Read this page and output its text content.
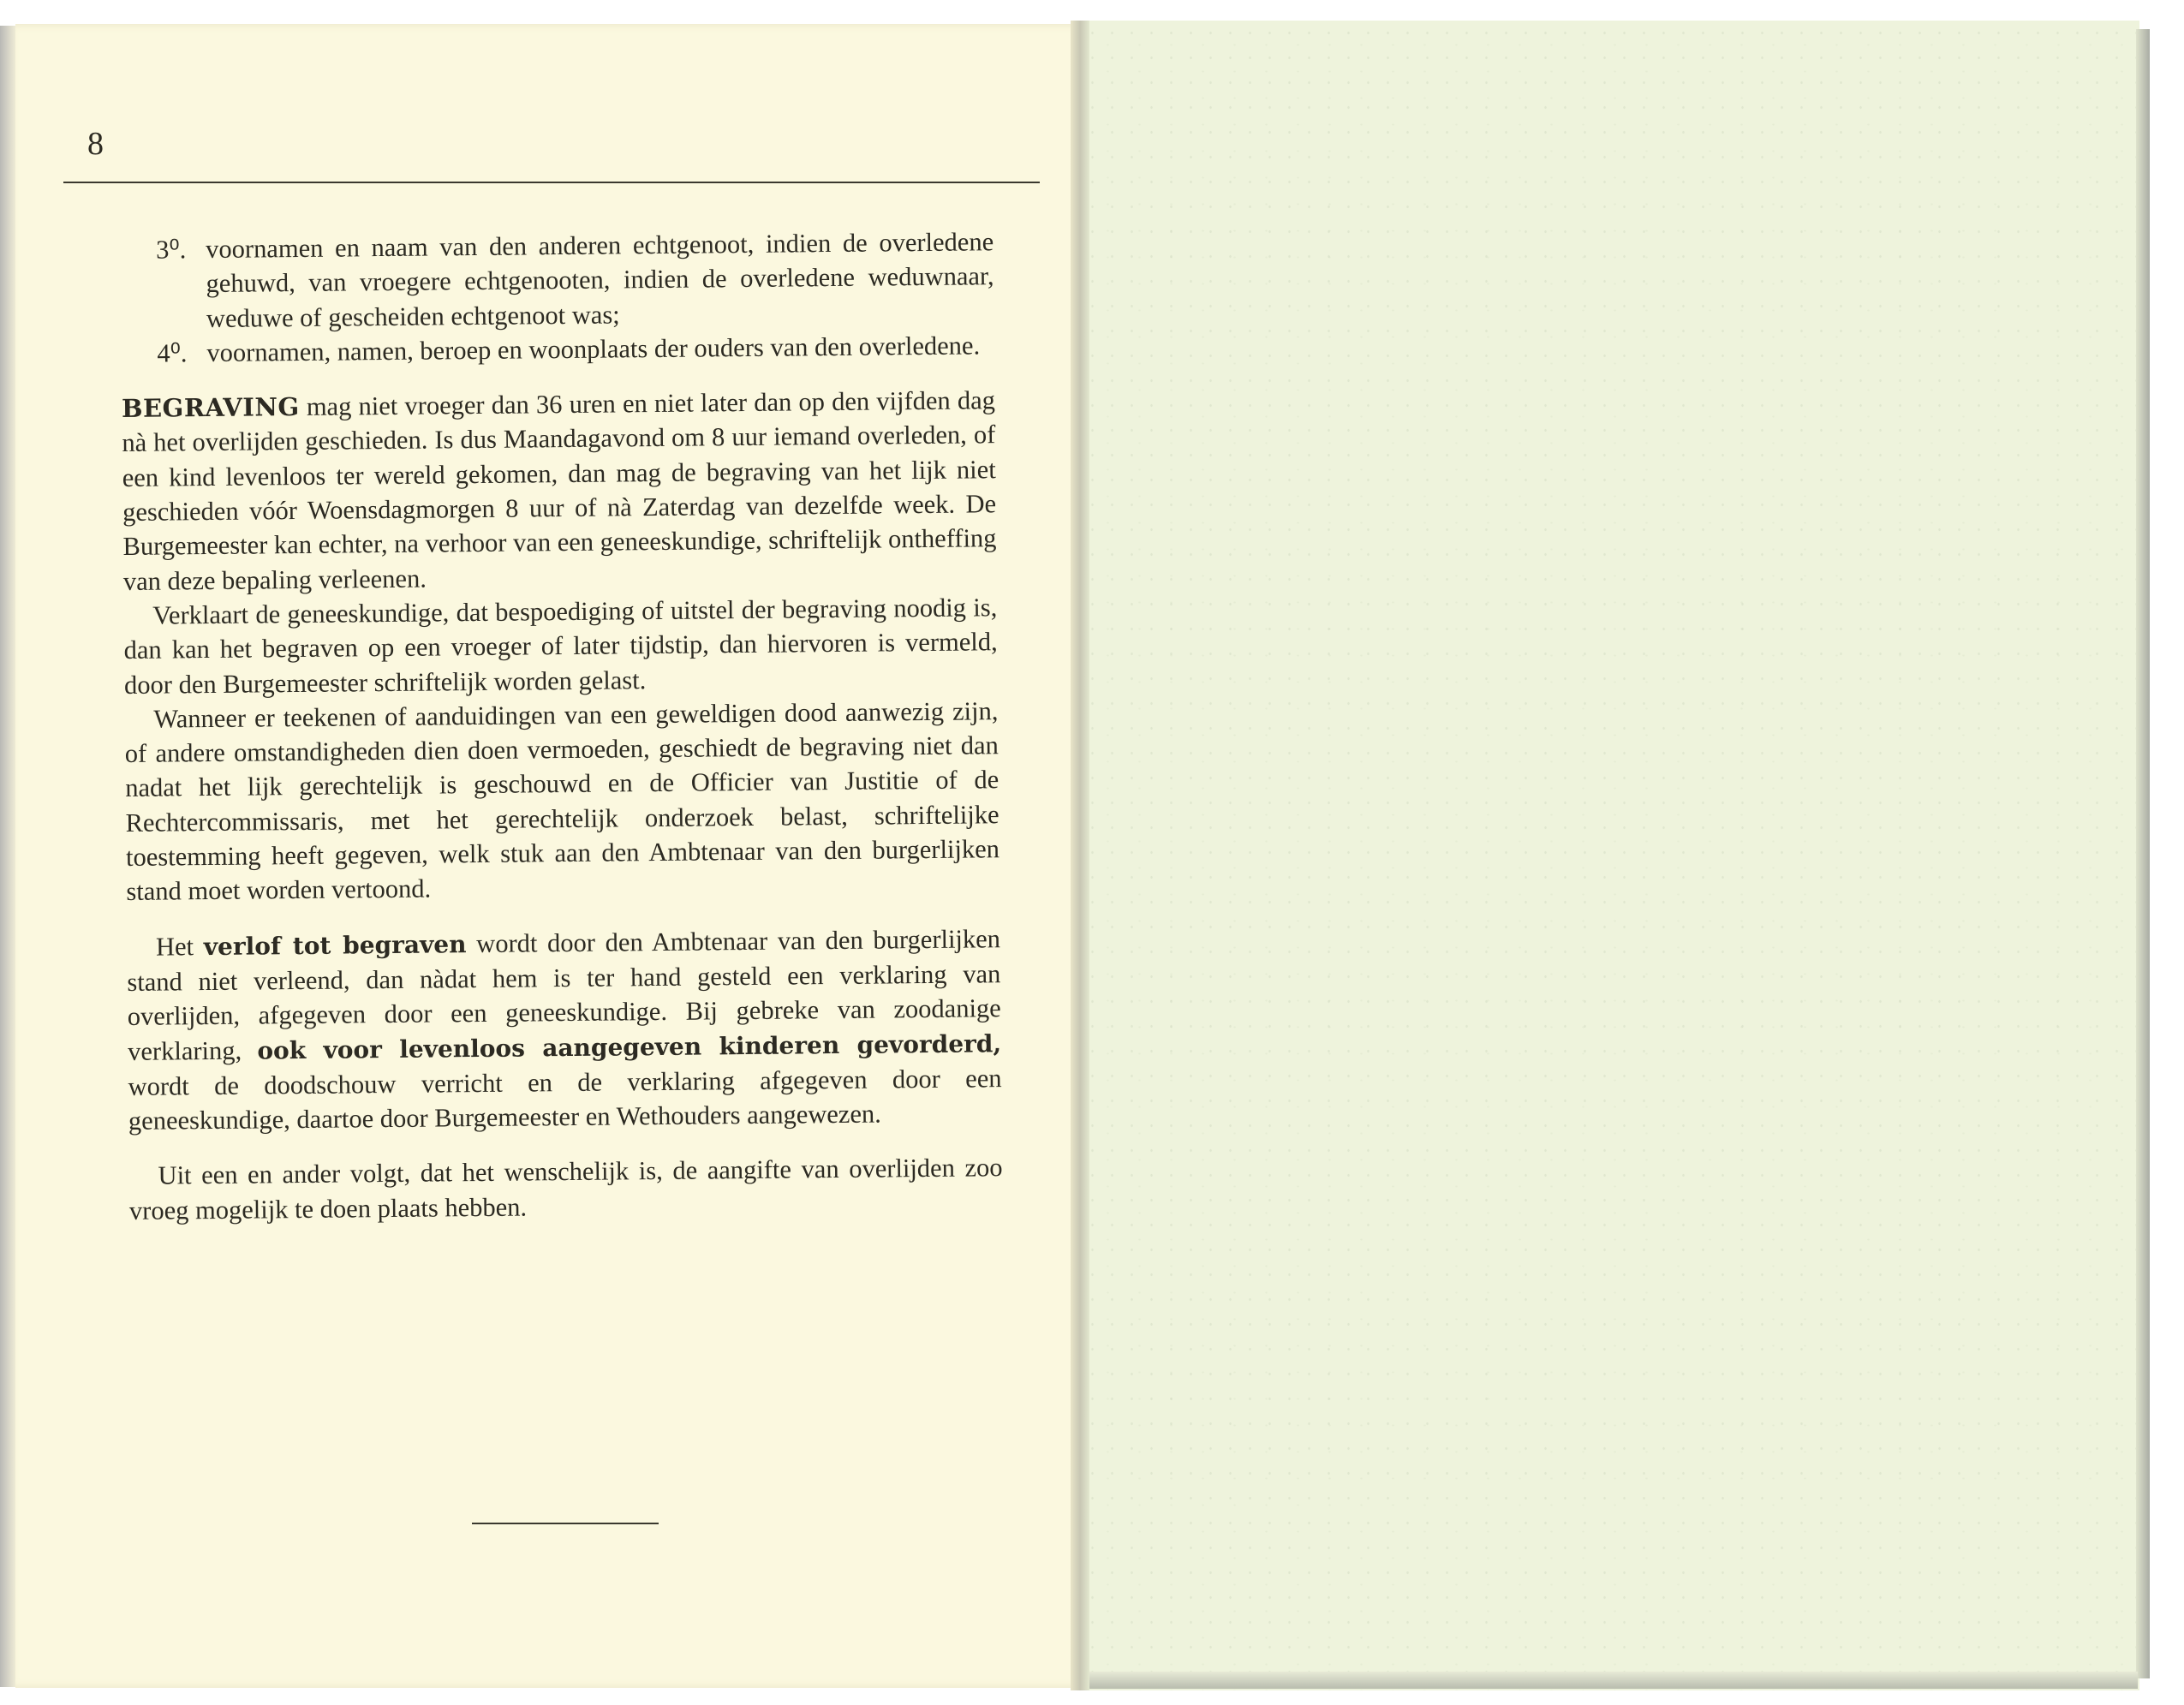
8
3⁰. voornamen en naam van den anderen echtgenoot, indien de overledene gehuwd, van vroegere echtgenooten, indien de overledene weduwnaar, weduwe of gescheiden echtgenoot was;
4⁰. voornamen, namen, beroep en woonplaats der ouders van den overledene.

BEGRAVING mag niet vroeger dan 36 uren en niet later dan op den vijfden dag nà het overlijden geschieden. Is dus Maandagavond om 8 uur iemand overleden, of een kind levenloos ter wereld gekomen, dan mag de begraving van het lijk niet geschieden vóór Woensdagmorgen 8 uur of nà Zaterdag van dezelfde week. De Burgemeester kan echter, na verhoor van een geneeskundige, schriftelijk ontheffing van deze bepaling verleenen.

Verklaart de geneeskundige, dat bespoediging of uitstel der begraving noodig is, dan kan het begraven op een vroeger of later tijdstip, dan hiervoren is vermeld, door den Burgemeester schriftelijk worden gelast.

Wanneer er teekenen of aanduidingen van een geweldigen dood aanwezig zijn, of andere omstandigheden dien doen vermoeden, geschiedt de begraving niet dan nadat het lijk gerechtelijk is geschouwd en de Officier van Justitie of de Rechtercommissaris, met het gerechtelijk onderzoek belast, schriftelijke toestemming heeft gegeven, welk stuk aan den Ambtenaar van den burgerlijken stand moet worden vertoond.

Het verlof tot begraven wordt door den Ambtenaar van den burgerlijken stand niet verleend, dan nàdat hem is ter hand gesteld een verklaring van overlijden, afgegeven door een geneeskundige. Bij gebreke van zoodanige verklaring, ook voor levenloos aangegeven kinderen gevorderd, wordt de doodschouw verricht en de verklaring afgegeven door een geneeskundige, daartoe door Burgemeester en Wethouders aangewezen.

Uit een en ander volgt, dat het wenschelijk is, de aangifte van overlijden zoo vroeg mogelijk te doen plaats hebben.
